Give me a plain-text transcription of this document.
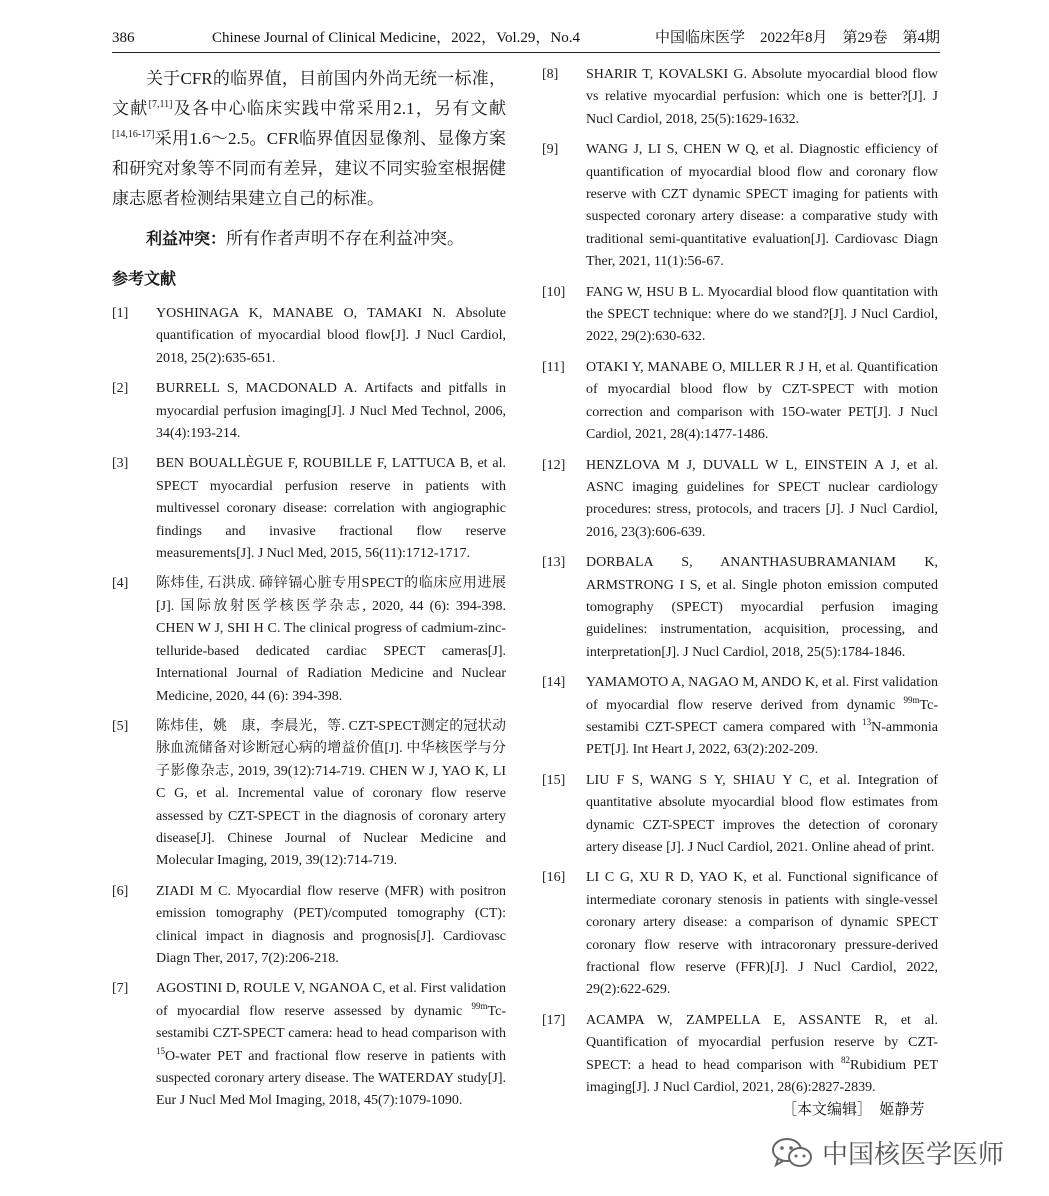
386	Chinese Journal of Clinical Medicine，2022，Vol.29，No.4	中国临床医学　2022年8月　第29卷　第4期

关于CFR的临界值，目前国内外尚无统一标准，文献[7,11]及各中心临床实践中常采用2.1，另有文献[14,16-17]采用1.6～2.5。CFR临界值因显像剂、显像方案和研究对象等不同而有差异，建议不同实验室根据健康志愿者检测结果建立自己的标准。

利益冲突：所有作者声明不存在利益冲突。

参考文献
[1]	YOSHINAGA K, MANABE O, TAMAKI N. Absolute quantification of myocardial blood flow[J]. J Nucl Cardiol, 2018, 25(2):635-651.
[2]	BURRELL S, MACDONALD A. Artifacts and pitfalls in myocardial perfusion imaging[J]. J Nucl Med Technol, 2006, 34(4):193-214.
[3]	BEN BOUALLÈGUE F, ROUBILLE F, LATTUCA B, et al. SPECT myocardial perfusion reserve in patients with multivessel coronary disease: correlation with angiographic findings and invasive fractional flow reserve measurements[J]. J Nucl Med, 2015, 56(11):1712-1717.
[4]	陈炜佳, 石洪成. 碲锌镉心脏专用SPECT的临床应用进展[J]. 国际放射医学核医学杂志, 2020, 44 (6): 394-398. CHEN W J, SHI H C. The clinical progress of cadmium-zinc-telluride-based dedicated cardiac SPECT cameras[J]. International Journal of Radiation Medicine and Nuclear Medicine, 2020, 44 (6): 394-398.
[5]	陈炜佳，姚　康，李晨光，等. CZT-SPECT测定的冠状动脉血流储备对诊断冠心病的增益价值[J]. 中华核医学与分子影像杂志, 2019, 39(12):714-719. CHEN W J, YAO K, LI C G, et al. Incremental value of coronary flow reserve assessed by CZT-SPECT in the diagnosis of coronary artery disease[J]. Chinese Journal of Nuclear Medicine and Molecular Imaging, 2019, 39(12):714-719.
[6]	ZIADI M C. Myocardial flow reserve (MFR) with positron emission tomography (PET)/computed tomography (CT): clinical impact in diagnosis and prognosis[J]. Cardiovasc Diagn Ther, 2017, 7(2):206-218.
[7]	AGOSTINI D, ROULE V, NGANOA C, et al. First validation of myocardial flow reserve assessed by dynamic $^{99m}$Tc-sestamibi CZT-SPECT camera: head to head comparison with $^{15}$O-water PET and fractional flow reserve in patients with suspected coronary artery disease. The WATERDAY study[J]. Eur J Nucl Med Mol Imaging, 2018, 45(7):1079-1090.
[8]	SHARIR T, KOVALSKI G. Absolute myocardial blood flow vs relative myocardial perfusion: which one is better?[J]. J Nucl Cardiol, 2018, 25(5):1629-1632.
[9]	WANG J, LI S, CHEN W Q, et al. Diagnostic efficiency of quantification of myocardial blood flow and coronary flow reserve with CZT dynamic SPECT imaging for patients with suspected coronary artery disease: a comparative study with traditional semi-quantitative evaluation[J]. Cardiovasc Diagn Ther, 2021, 11(1):56-67.
[10]	FANG W, HSU B L. Myocardial blood flow quantitation with the SPECT technique: where do we stand?[J]. J Nucl Cardiol, 2022, 29(2):630-632.
[11]	OTAKI Y, MANABE O, MILLER R J H, et al. Quantification of myocardial blood flow by CZT-SPECT with motion correction and comparison with 15O-water PET[J]. J Nucl Cardiol, 2021, 28(4):1477-1486.
[12]	HENZLOVA M J, DUVALL W L, EINSTEIN A J, et al. ASNC imaging guidelines for SPECT nuclear cardiology procedures: stress, protocols, and tracers [J]. J Nucl Cardiol, 2016, 23(3):606-639.
[13]	DORBALA S, ANANTHASUBRAMANIAM K, ARMSTRONG I S, et al. Single photon emission computed tomography (SPECT) myocardial perfusion imaging guidelines: instrumentation, acquisition, processing, and interpretation[J]. J Nucl Cardiol, 2018, 25(5):1784-1846.
[14]	YAMAMOTO A, NAGAO M, ANDO K, et al. First validation of myocardial flow reserve derived from dynamic $^{99m}$Tc-sestamibi CZT-SPECT camera compared with $^{13}$N-ammonia PET[J]. Int Heart J, 2022, 63(2):202-209.
[15]	LIU F S, WANG S Y, SHIAU Y C, et al. Integration of quantitative absolute myocardial blood flow estimates from dynamic CZT-SPECT improves the detection of coronary artery disease [J]. J Nucl Cardiol, 2021. Online ahead of print.
[16]	LI C G, XU R D, YAO K, et al. Functional significance of intermediate coronary stenosis in patients with single-vessel coronary artery disease: a comparison of dynamic SPECT coronary flow reserve with intracoronary pressure-derived fractional flow reserve (FFR)[J]. J Nucl Cardiol, 2022, 29(2):622-629.
[17]	ACAMPA W, ZAMPELLA E, ASSANTE R, et al. Quantification of myocardial perfusion reserve by CZT-SPECT: a head to head comparison with $^{82}$Rubidium PET imaging[J]. J Nucl Cardiol, 2021, 28(6):2827-2839.
［本文编辑］　姬静芳
中国核医学医师
